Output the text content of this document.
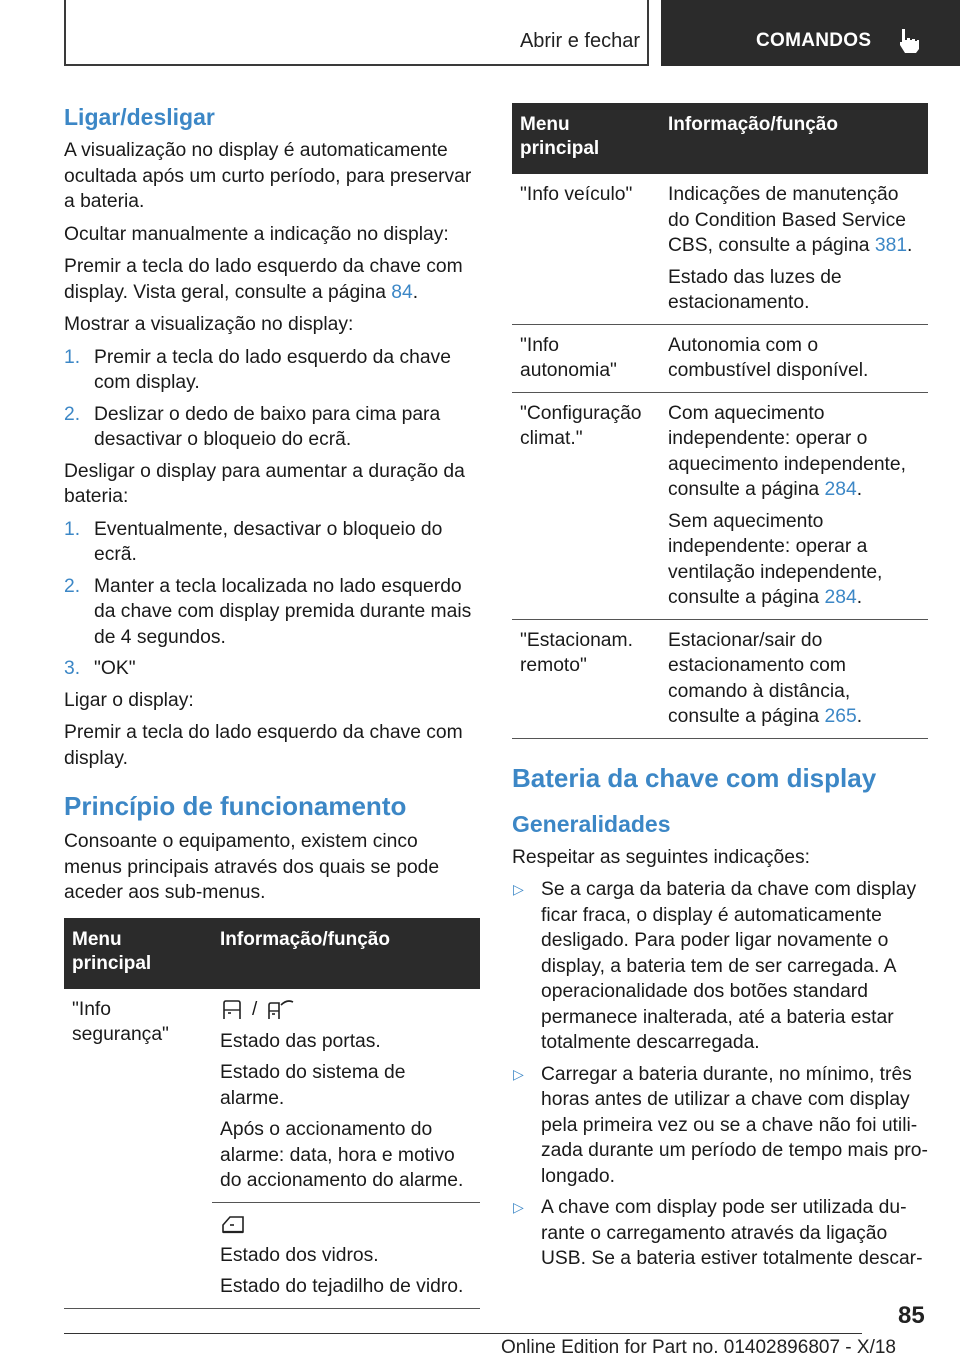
Abrir e fechar	COMANDOS
Ligar/desligar

A visualização no display é automaticamente ocultada após um curto período, para preservar a bateria.

Ocultar manualmente a indicação no display:

Premir a tecla do lado esquerdo da chave com display. Vista geral, consulte a página 84.

Mostrar a visualização no display:

1. Premir a tecla do lado esquerdo da chave com display.
2. Deslizar o dedo de baixo para cima para desactivar o bloqueio do ecrã.

Desligar o display para aumentar a duração da bateria:

1. Eventualmente, desactivar o bloqueio do ecrã.
2. Manter a tecla localizada no lado esquerdo da chave com display premida durante mais de 4 segundos.
3. "OK"

Ligar o display:

Premir a tecla do lado esquerdo da chave com display.

Princípio de funcionamento

Consoante o equipamento, existem cinco menus principais através dos quais se pode aceder aos sub-menus.

Menu principal	Informação/função
"Info segurança"	/

Estado das portas.

Estado do sistema de alarme.

Após o accionamento do alarme: data, hora e motivo do accionamento do alarme.

	Estado dos vidros.

Estado do tejadilho de vidro.

Menu principal	Informação/função
"Info veículo"	Indicações de manutenção do Condition Based Service CBS, consulte a página 381.

Estado das luzes de estacionamento.

"Info autonomia"	Autonomia com o combustível disponível.
"Configuração climat."	Com aquecimento independente: operar o aquecimento independente, consulte a página 284.

Sem aquecimento independente: operar a ventilação independente, consulte a página 284.

"Estacionam. remoto"	Estacionar/sair do estacionamento com comando à distância, consulte a página 265.

Bateria da chave com display
Generalidades

Respeitar as seguintes indicações:

▷ Se a carga da bateria da chave com display ficar fraca, o display é automaticamente desligado. Para poder ligar novamente o display, a bateria tem de ser carregada. A operacionalidade dos botões standard permanece inalterada, até a bateria estar totalmente descarregada.
▷ Carregar a bateria durante, no mínimo, três horas antes de utilizar a chave com display pela primeira vez ou se a chave não foi utilizada durante um período de tempo mais prolongado.
▷ A chave com display pode ser utilizada durante o carregamento através da ligação USB. Se a bateria estiver totalmente descar-
85
Online Edition for Part no. 01402896807 - X/18
